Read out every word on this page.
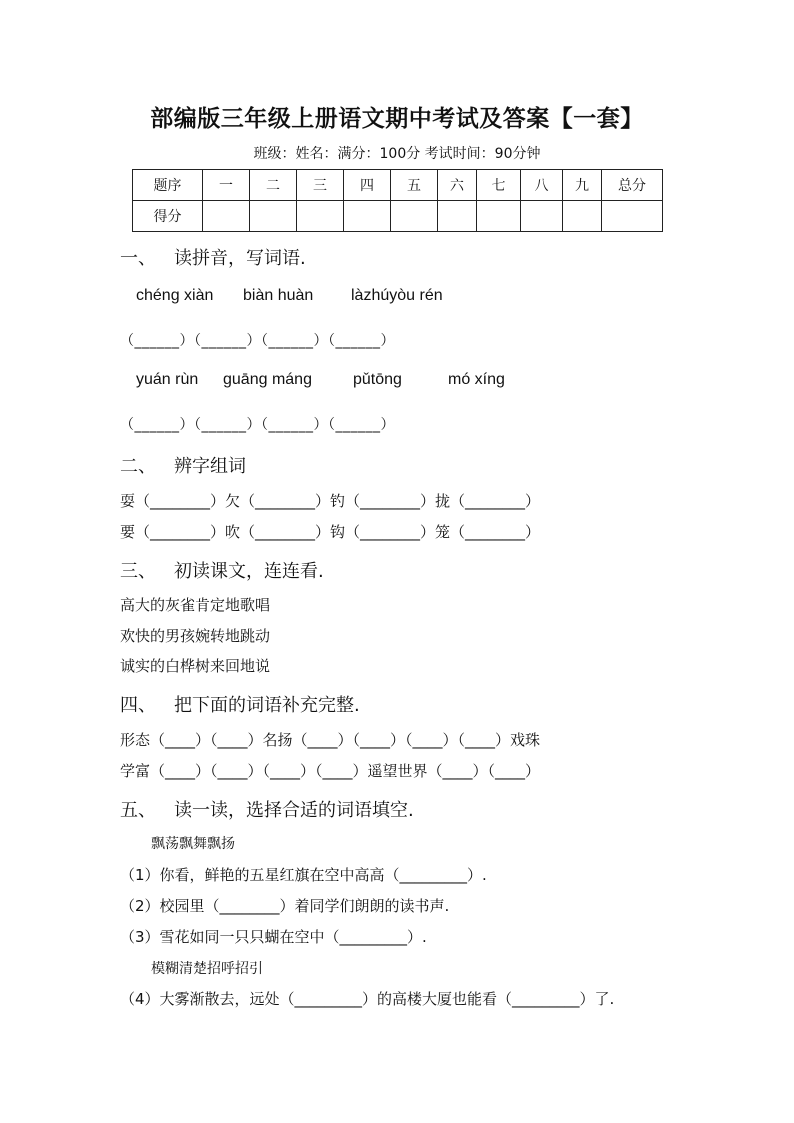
部编版三年级上册语文期中考试及答案【一套】
班级：姓名：满分：100分 考试时间：90分钟
题序	一	二	三	四	五	六	七	八	九	总分
得分										
一、 读拼音，写词语.
chéng xiàn biàn huàn làzhúyòu rén
（______）（______）（______）（______）
yuán rùn guāng máng	pǔtōng	mó xíng
（______）（______）（______）（______）
二、 辨字组词
耍（________）欠（________）钓（________）拢（________）
要（________）吹（________）钩（________）笼（________）
三、 初读课文，连连看.
高大的灰雀肯定地歌唱
欢快的男孩婉转地跳动
诚实的白桦树来回地说
四、 把下面的词语补充完整.
形态（____）（____）名扬（____）（____）（____）（____）戏珠
学富（____）（____）（____）（____）遥望世界（____）（____）
五、 读一读，选择合适的词语填空.
飘荡飘舞飘扬
（1）你看，鲜艳的五星红旗在空中高高（_________）.
（2）校园里（________）着同学们朗朗的读书声.
（3）雪花如同一只只蝴在空中（_________）.
模糊清楚招呼招引
（4）大雾渐散去，远处（_________）的高楼大厦也能看（_________）了.
